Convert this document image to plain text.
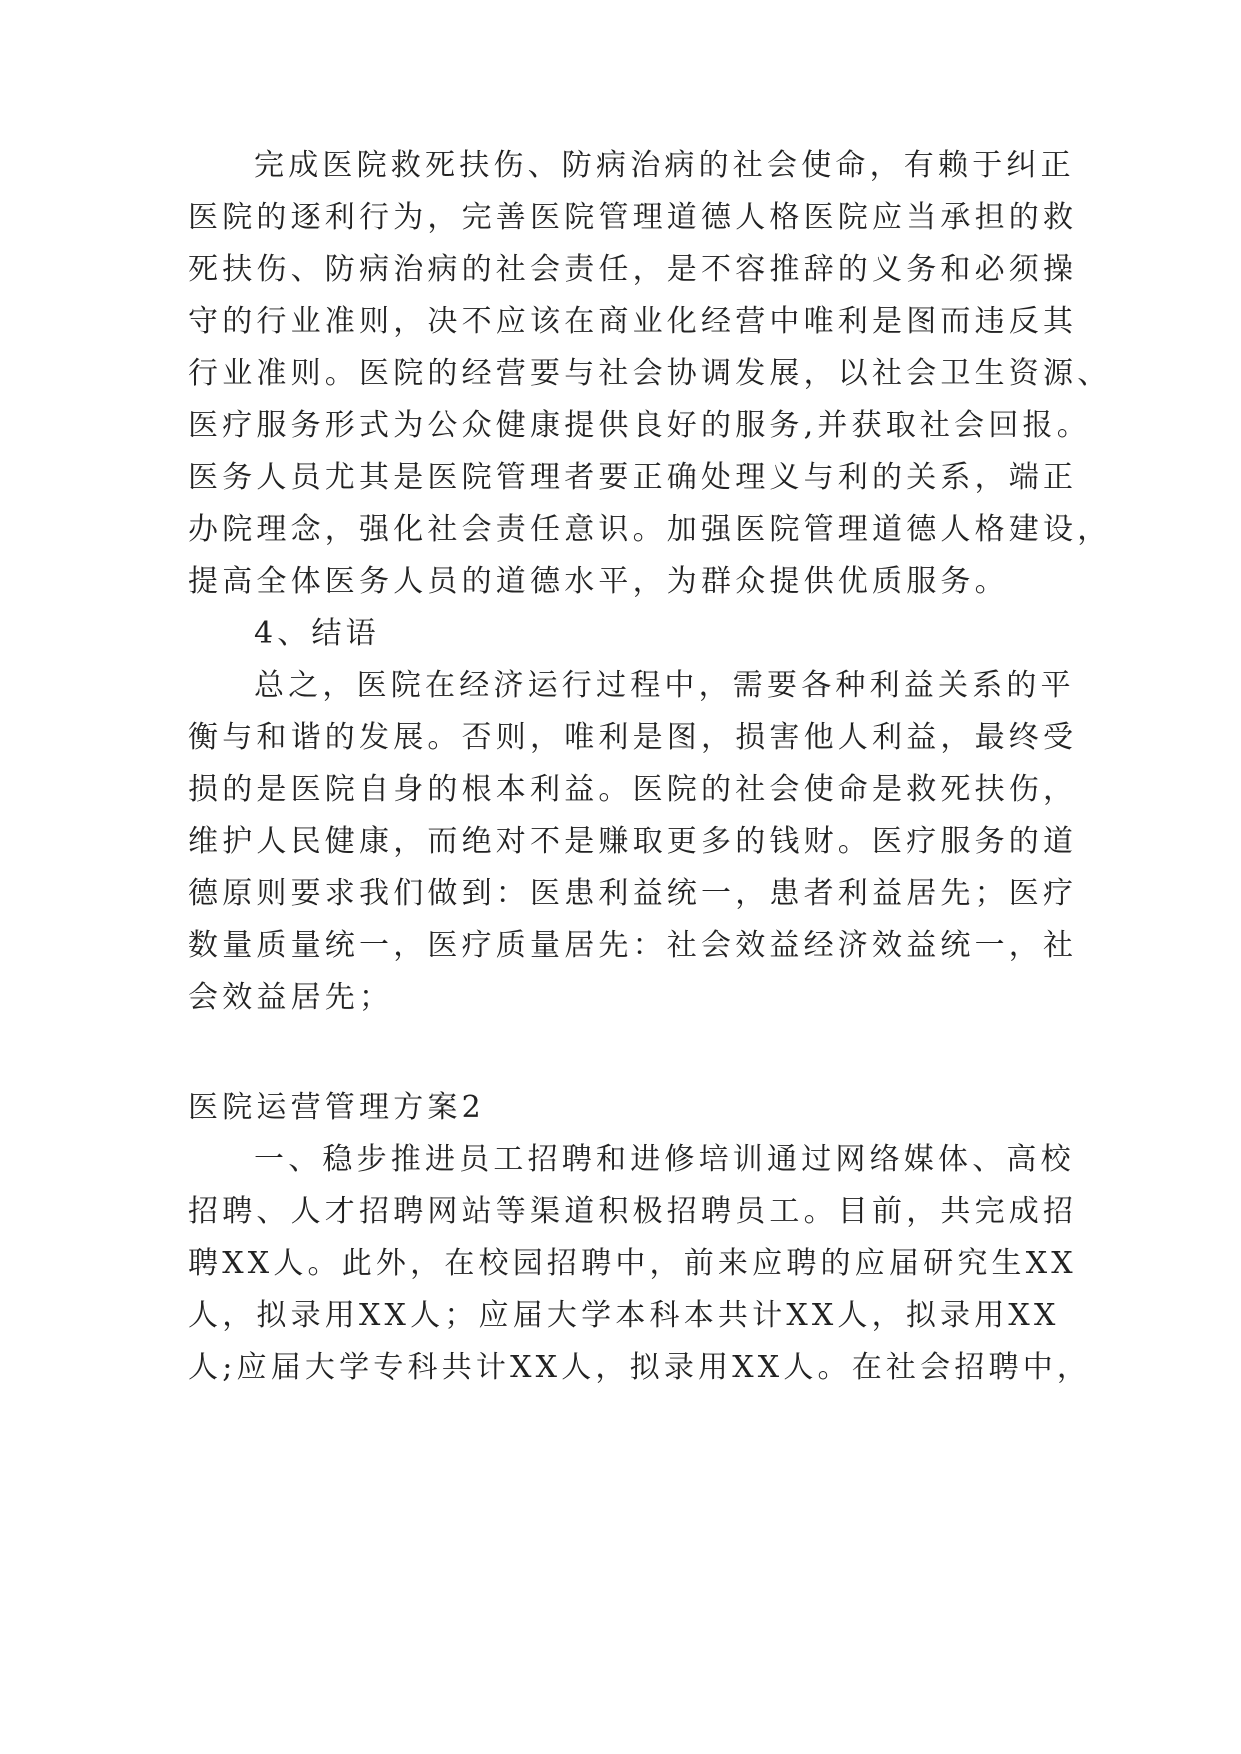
完成医院救死扶伤、防病治病的社会使命，有赖于纠正
医院的逐利行为，完善医院管理道德人格医院应当承担的救
死扶伤、防病治病的社会责任，是不容推辞的义务和必须操
守的行业准则，决不应该在商业化经营中唯利是图而违反其
行业准则。医院的经营要与社会协调发展，以社会卫生资源、
医疗服务形式为公众健康提供良好的服务,并获取社会回报。
医务人员尤其是医院管理者要正确处理义与利的关系，端正
办院理念，强化社会责任意识。加强医院管理道德人格建设，
提高全体医务人员的道德水平，为群众提供优质服务。
4、结语
总之，医院在经济运行过程中，需要各种利益关系的平
衡与和谐的发展。否则，唯利是图，损害他人利益，最终受
损的是医院自身的根本利益。医院的社会使命是救死扶伤，
维护人民健康，而绝对不是赚取更多的钱财。医疗服务的道
德原则要求我们做到：医患利益统一，患者利益居先；医疗
数量质量统一，医疗质量居先：社会效益经济效益统一，社
会效益居先；
医院运营管理方案2
一、稳步推进员工招聘和进修培训通过网络媒体、高校
招聘、人才招聘网站等渠道积极招聘员工。目前，共完成招
聘XX人。此外，在校园招聘中，前来应聘的应届研究生XX
人，拟录用XX人；应届大学本科本共计XX人，拟录用XX
人;应届大学专科共计XX人，拟录用XX人。在社会招聘中，
